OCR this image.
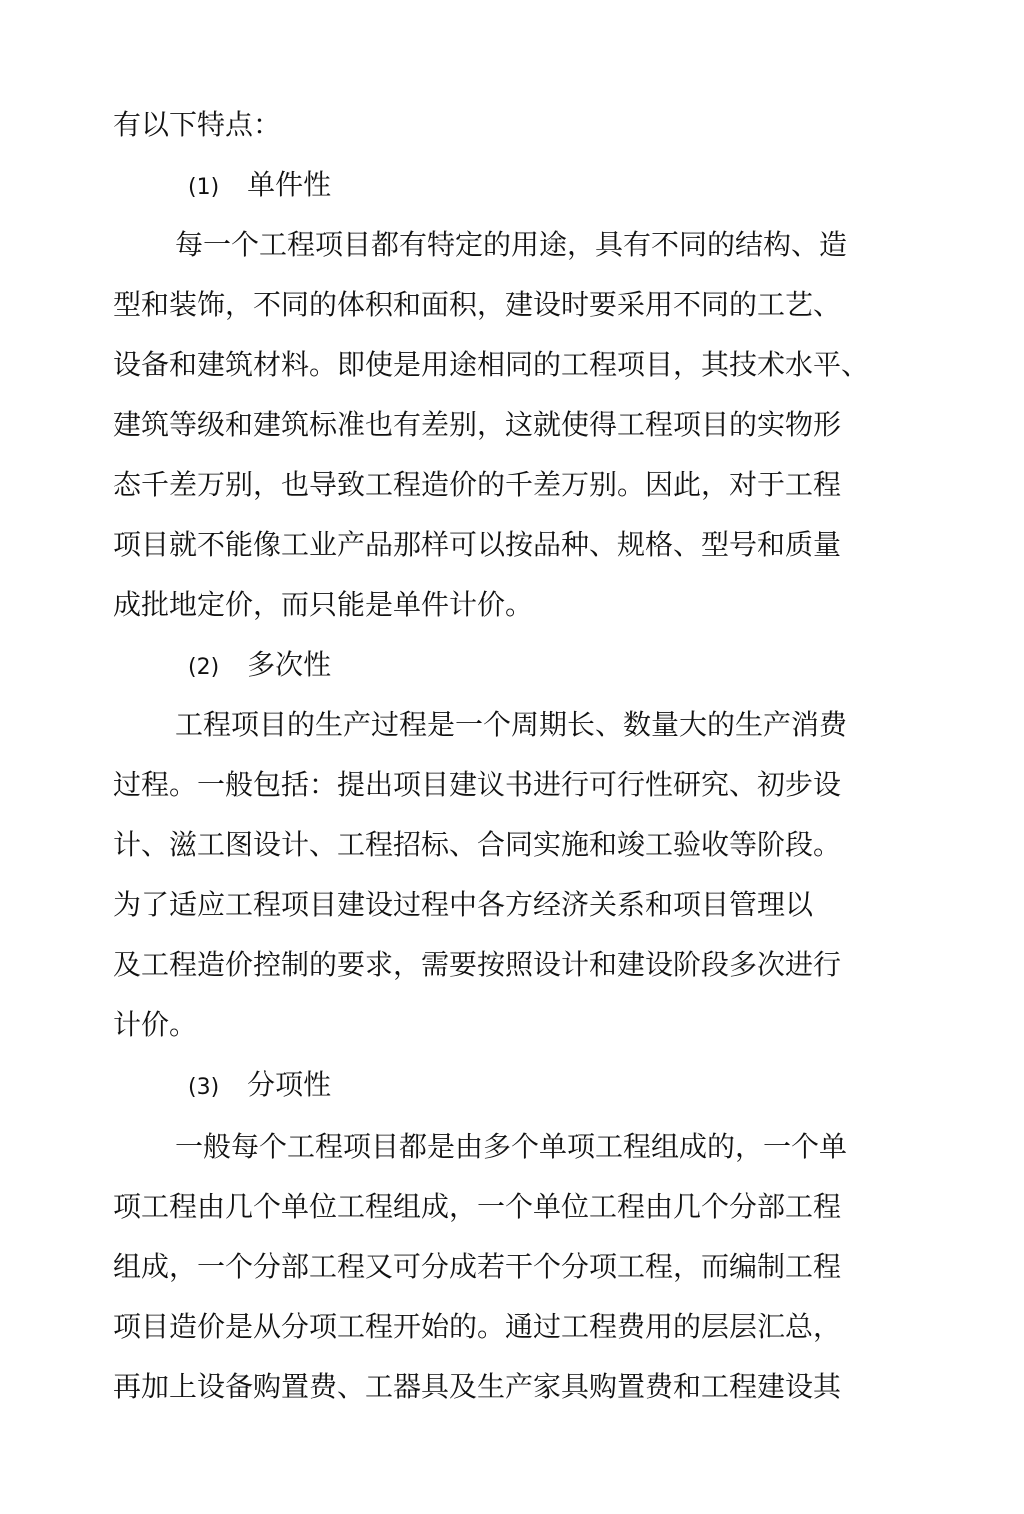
有以下特点：
(1) 单件性
每一个工程项目都有特定的用途，具有不同的结构、造
型和装饰，不同的体积和面积，建设时要采用不同的工艺、
设备和建筑材料。即使是用途相同的工程项目，其技术水平、
建筑等级和建筑标准也有差别，这就使得工程项目的实物形
态千差万别，也导致工程造价的千差万别。因此，对于工程
项目就不能像工业产品那样可以按品种、规格、型号和质量
成批地定价，而只能是单件计价。
(2) 多次性
工程项目的生产过程是一个周期长、数量大的生产消费
过程。一般包括：提出项目建议书进行可行性研究、初步设
计、滋工图设计、工程招标、合同实施和竣工验收等阶段。
为了适应工程项目建设过程中各方经济关系和项目管理以
及工程造价控制的要求，需要按照设计和建设阶段多次进行
计价。
(3) 分项性
一般每个工程项目都是由多个单项工程组成的，一个单
项工程由几个单位工程组成，一个单位工程由几个分部工程
组成，一个分部工程又可分成若干个分项工程，而编制工程
项目造价是从分项工程开始的。通过工程费用的层层汇总，
再加上设备购置费、工器具及生产家具购置费和工程建设其
